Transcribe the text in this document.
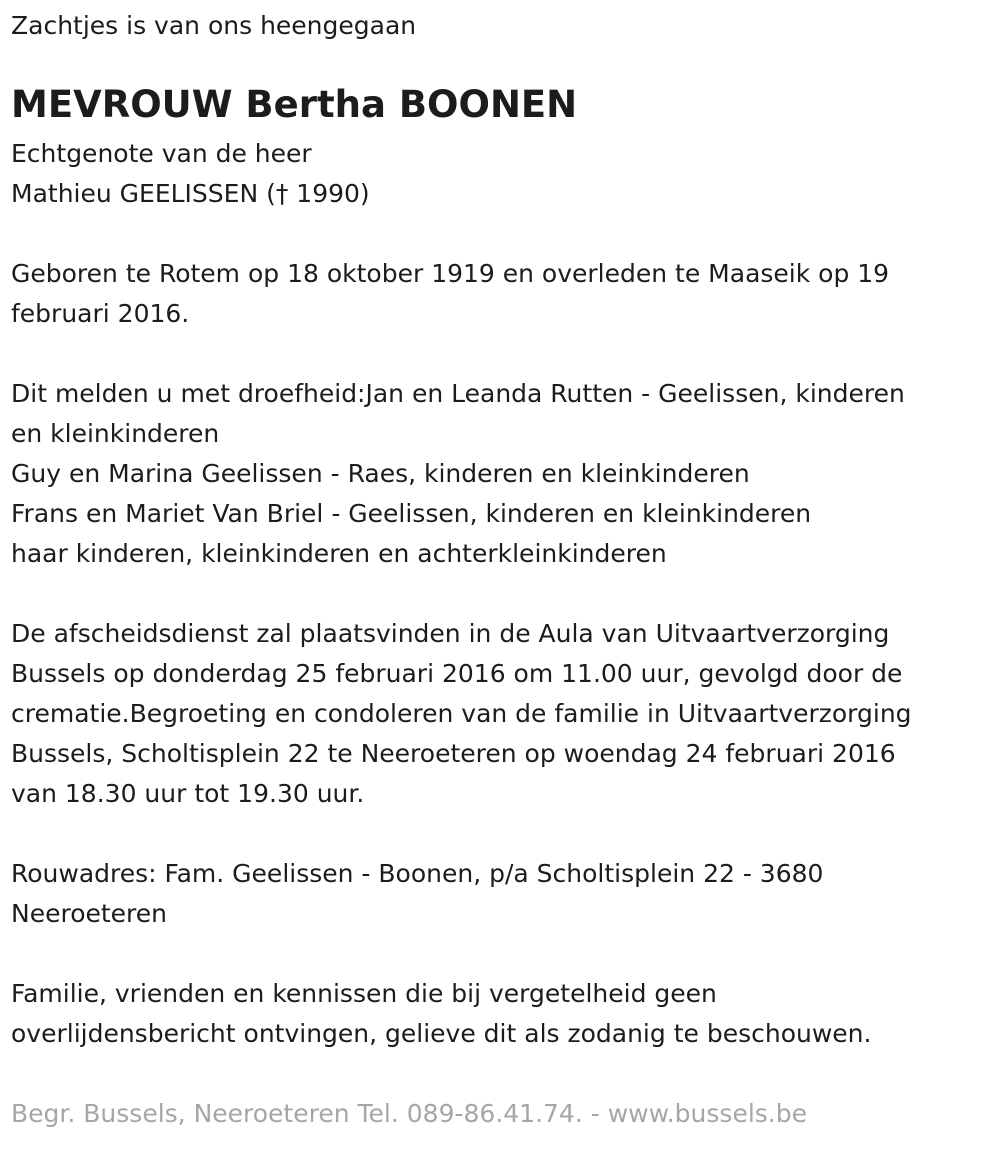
Zachtjes is van ons heengegaan
MEVROUW Bertha BOONEN
Echtgenote van de heer
Mathieu GEELISSEN († 1990)
Geboren te Rotem op 18 oktober 1919 en overleden te Maaseik op 19
februari 2016.
Dit melden u met droefheid:Jan en Leanda Rutten - Geelissen, kinderen
en kleinkinderen
Guy en Marina Geelissen - Raes, kinderen en kleinkinderen
Frans en Mariet Van Briel - Geelissen, kinderen en kleinkinderen
haar kinderen, kleinkinderen en achterkleinkinderen
De afscheidsdienst zal plaatsvinden in de Aula van Uitvaartverzorging
Bussels op donderdag 25 februari 2016 om 11.00 uur, gevolgd door de
crematie.Begroeting en condoleren van de familie in Uitvaartverzorging
Bussels, Scholtisplein 22 te Neeroeteren op woendag 24 februari 2016
van 18.30 uur tot 19.30 uur.
Rouwadres: Fam. Geelissen - Boonen, p/a Scholtisplein 22 - 3680
Neeroeteren
Familie, vrienden en kennissen die bij vergetelheid geen
overlijdensbericht ontvingen, gelieve dit als zodanig te beschouwen.
Begr. Bussels, Neeroeteren Tel. 089-86.41.74. - www.bussels.be
